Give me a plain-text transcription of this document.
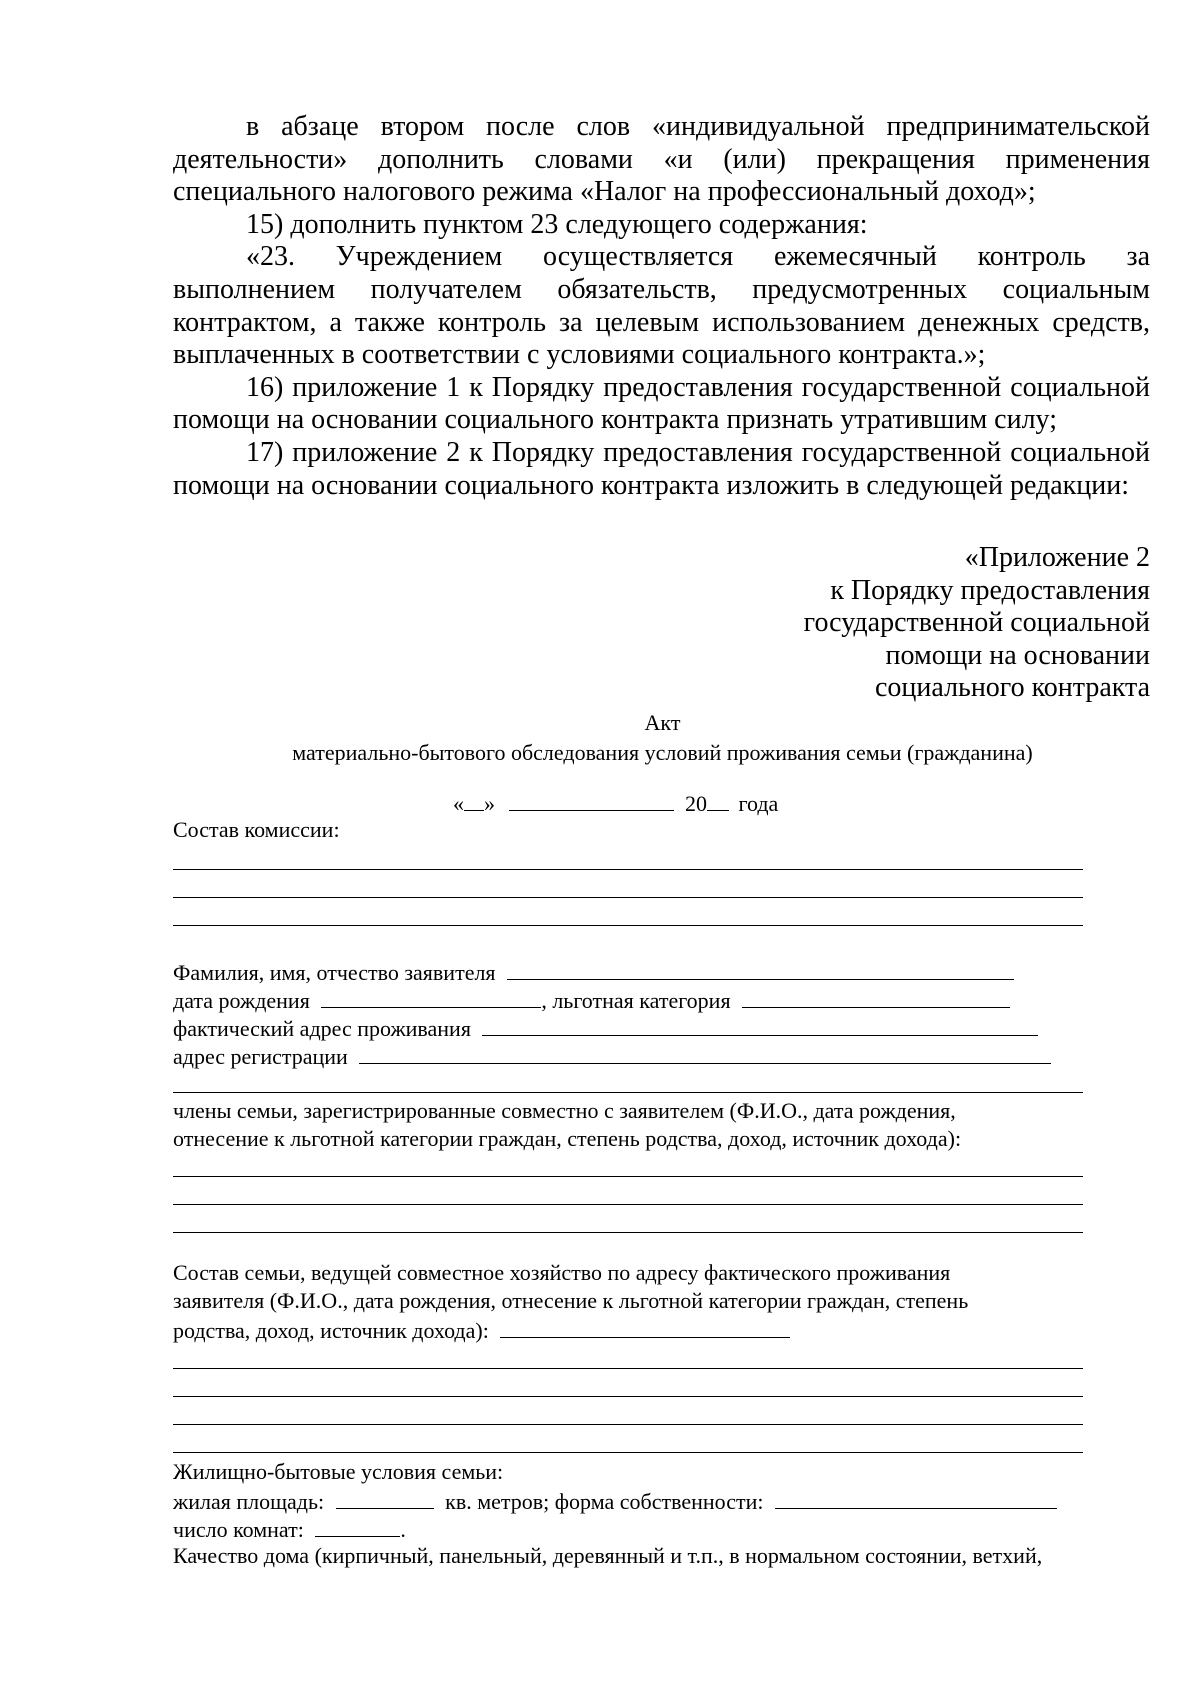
в абзаце втором после слов «индивидуальной предпринимательской деятельности» дополнить словами «и (или) прекращения применения специального налогового режима «Налог на профессиональный доход»;

15) дополнить пунктом 23 следующего содержания:

«23. Учреждением осуществляется ежемесячный контроль за выполнением получателем обязательств, предусмотренных социальным контрактом, а также контроль за целевым использованием денежных средств, выплаченных в соответствии с условиями социального контракта.»;

16) приложение 1 к Порядку предоставления государственной социальной помощи на основании социального контракта признать утратившим силу;

17) приложение 2 к Порядку предоставления государственной социальной помощи на основании социального контракта изложить в следующей редакции:

«Приложение 2
к Порядку предоставления
государственной социальной
помощи на основании
социального контракта
Акт
материально-бытового обследования условий проживания семьи (гражданина)
« »	20 года
Состав комиссии:
Фамилия, имя, отчество заявителя
дата рождения	, льготная категория
фактический адрес проживания
адрес регистрации
члены семьи, зарегистрированные совместно с заявителем (Ф.И.О., дата рождения,
отнесение к льготной категории граждан, степень родства, доход, источник дохода):
Состав семьи, ведущей совместное хозяйство по адресу фактического проживания
заявителя (Ф.И.О., дата рождения, отнесение к льготной категории граждан, степень
родства, доход, источник дохода):
Жилищно-бытовые условия семьи:
жилая площадь:	кв. метров; форма собственности:
число комнат:	.
Качество дома (кирпичный, панельный, деревянный и т.п., в нормальном состоянии, ветхий,
